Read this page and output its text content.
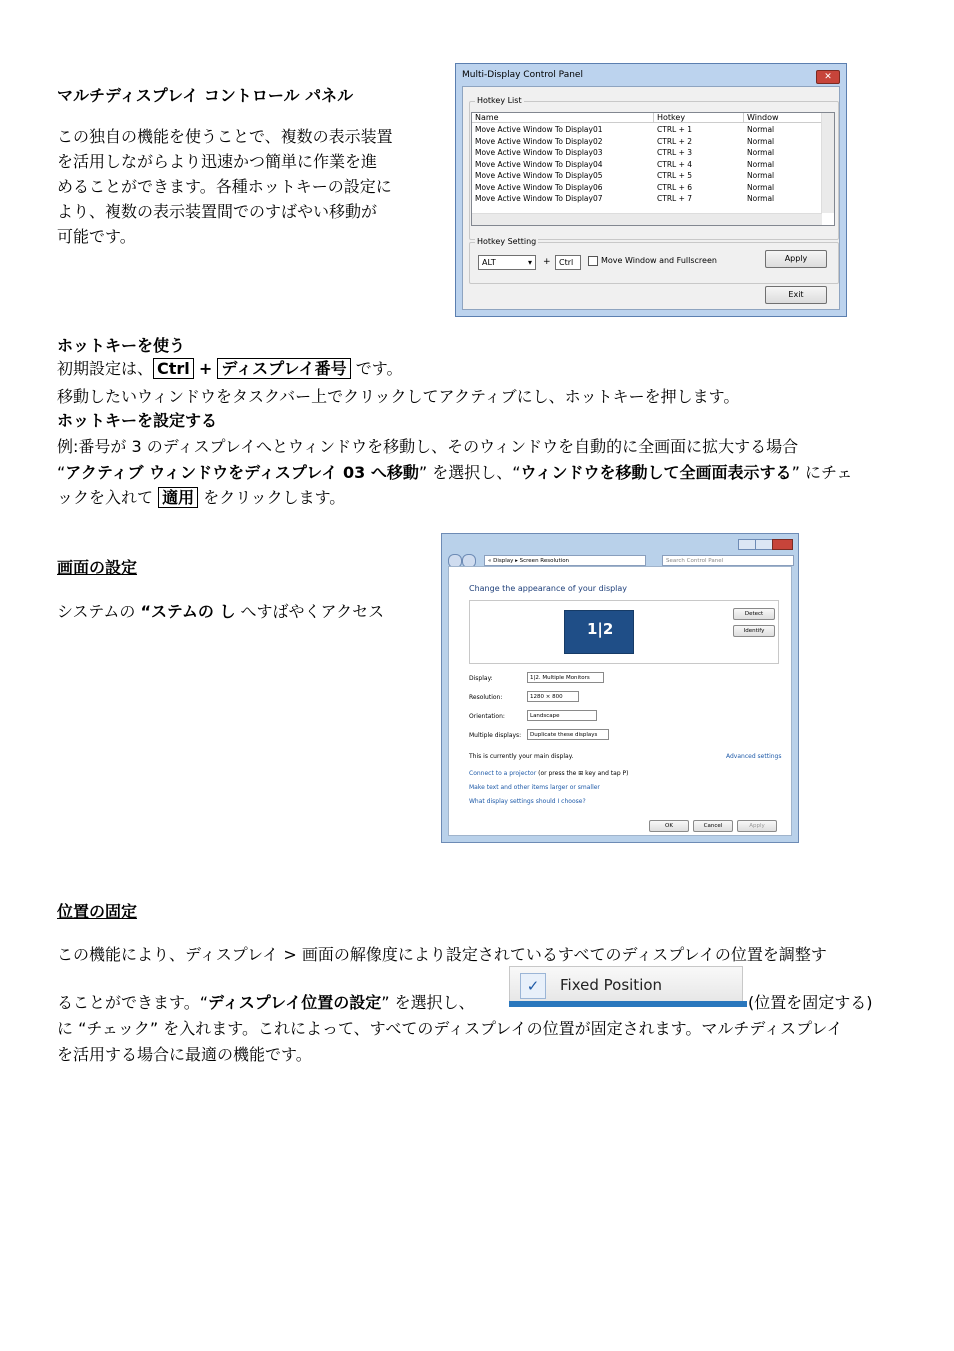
マルチディスプレイ コントロール パネル
この独自の機能を使うことで、複数の表示装置
を活用しながらより迅速かつ簡単に作業を進
めることができます。各種ホットキーの設定に
より、複数の表示装置間でのすばやい移動が
可能です。
Multi-Display Control Panel	✕
Hotkey List
Name	Hotkey	Window
Move Active Window To Display01	CTRL + 1	Normal
Move Active Window To Display02	CTRL + 2	Normal
Move Active Window To Display03	CTRL + 3	Normal
Move Active Window To Display04	CTRL + 4	Normal
Move Active Window To Display05	CTRL + 5	Normal
Move Active Window To Display06	CTRL + 6	Normal
Move Active Window To Display07	CTRL + 7	Normal
Hotkey Setting
ALT	▾ +	Ctrl	Move Window and Fullscreen	Apply
Exit
ホットキーを使う
初期設定は、 Ctrl + ディスプレイ番号 です。
移動したいウィンドウをタスクバー上でクリックしてアクティブにし、ホットキーを押します。
ホットキーを設定する
例:番号が 3 のディスプレイへとウィンドウを移動し、そのウィンドウを自動的に全画面に拡大する場合
“アクティブ ウィンドウをディスプレイ 03 へ移動” を選択し、“ウィンドウを移動して全画面表示する” にチェ
ックを入れて 適用 をクリックします。
画面の設定
システムの “ステムの し へすばやくアクセス
« Display ▸ Screen Resolution	Search Control Panel
Change the appearance of your display
1|2
Detect
Identify
Display:	1|2. Multiple Monitors
Resolution:	1280 × 800
Orientation:	Landscape
Multiple displays:	Duplicate these displays
This is currently your main display.	Advanced settings
Connect to a projector (or press the ⊞ key and tap P)
Make text and other items larger or smaller
What display settings should I choose?
OK	Cancel	Apply
位置の固定
この機能により、ディスプレイ > 画面の解像度により設定されているすべてのディスプレイの位置を調整す
ることができます。“ディスプレイ位置の設定” を選択し、
✓	Fixed Position
(位置を固定する)
に “チェック” を入れます。これによって、すべてのディスプレイの位置が固定されます。マルチディスプレイ
を活用する場合に最適の機能です。
